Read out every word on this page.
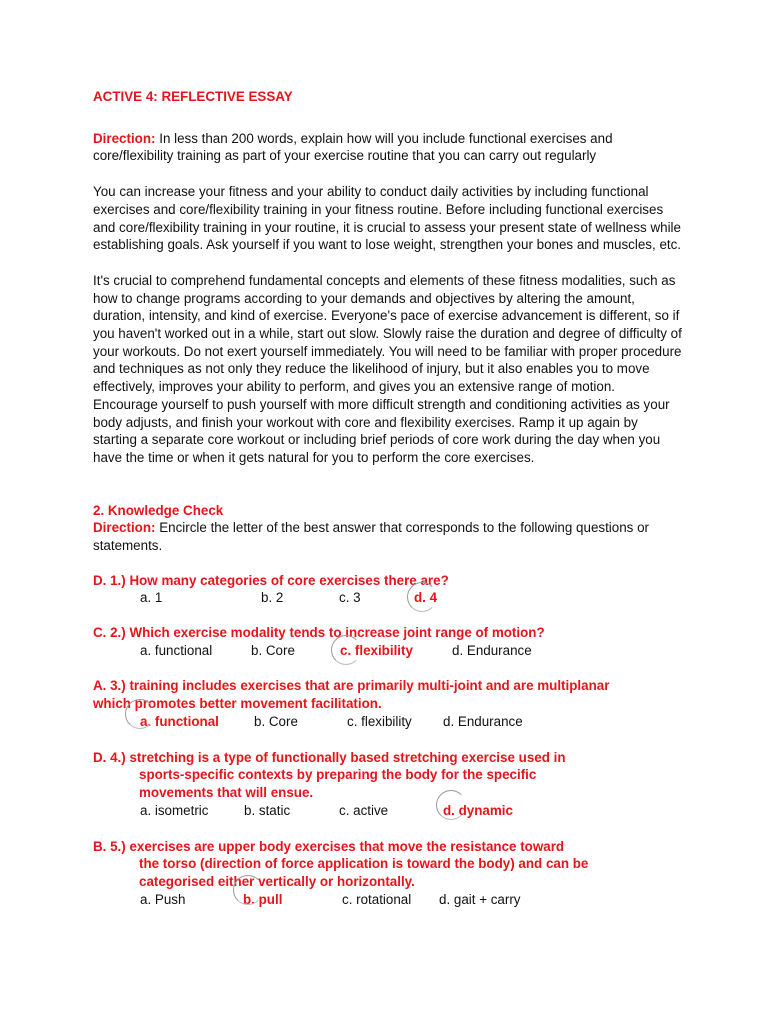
ACTIVE 4: REFLECTIVE ESSAY

Direction: In less than 200 words, explain how will you include functional exercises and core/flexibility training as part of your exercise routine that you can carry out regularly

You can increase your fitness and your ability to conduct daily activities by including functional exercises and core/flexibility training in your fitness routine. Before including functional exercises and core/flexibility training in your routine, it is crucial to assess your present state of wellness while establishing goals. Ask yourself if you want to lose weight, strengthen your bones and muscles, etc.

It's crucial to comprehend fundamental concepts and elements of these fitness modalities, such as how to change programs according to your demands and objectives by altering the amount, duration, intensity, and kind of exercise. Everyone's pace of exercise advancement is different, so if you haven't worked out in a while, start out slow. Slowly raise the duration and degree of difficulty of your workouts. Do not exert yourself immediately. You will need to be familiar with proper procedure and techniques as not only they reduce the likelihood of injury, but it also enables you to move effectively, improves your ability to perform, and gives you an extensive range of motion. Encourage yourself to push yourself with more difficult strength and conditioning activities as your body adjusts, and finish your workout with core and flexibility exercises. Ramp it up again by starting a separate core workout or including brief periods of core work during the day when you have the time or when it gets natural for you to perform the core exercises.

2. Knowledge Check

Direction: Encircle the letter of the best answer that corresponds to the following questions or statements.

D. 1.) How many categories of core exercises there are?
a. 1	b. 2	c. 3	d. 4
C. 2.) Which exercise modality tends to increase joint range of motion?
a. functional	b. Core	c. flexibility	d. Endurance
A. 3.) training includes exercises that are primarily multi-joint and are multiplanar
which promotes better movement facilitation.
a. functional	b. Core	c. flexibility d. Endurance
D. 4.) stretching is a type of functionally based stretching exercise used in
sports-specific contexts by preparing the body for the specific
movements that will ensue.
a. isometric	b. static	c. active	d. dynamic
B. 5.) exercises are upper body exercises that move the resistance toward
the torso (direction of force application is toward the body) and can be
categorised either vertically or horizontally.
a. Push	b. pull	c. rotational d. gait + carry
